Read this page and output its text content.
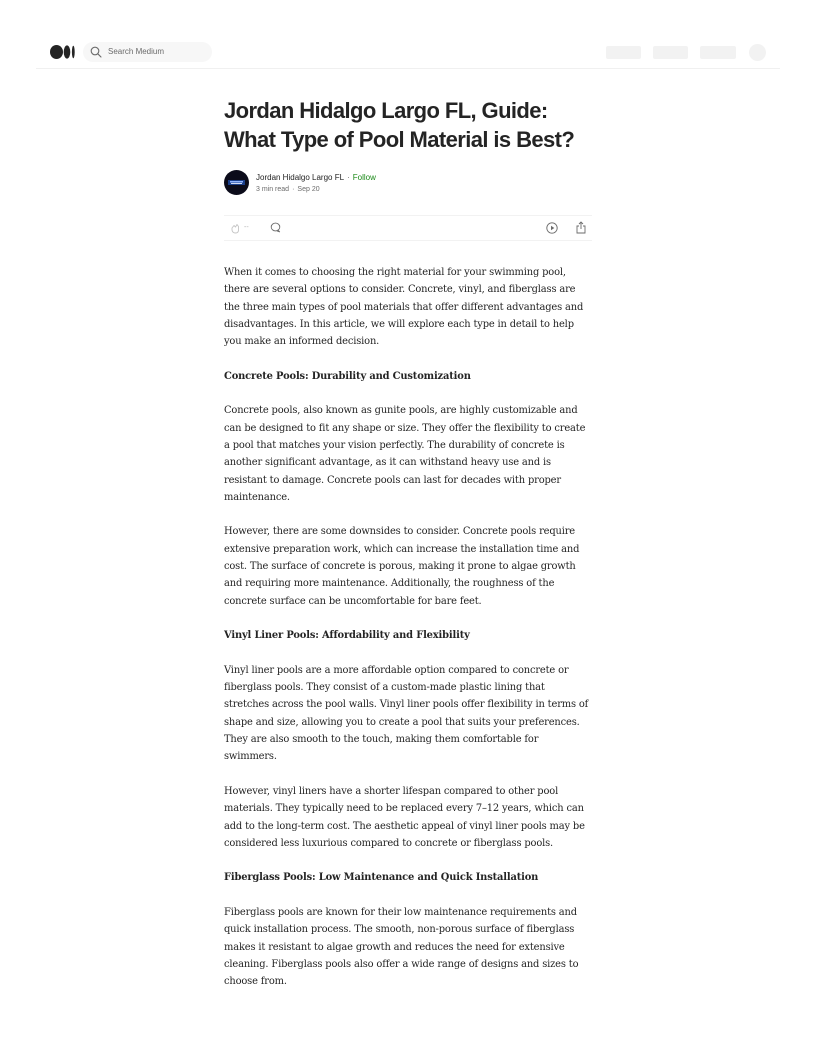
Search Medium
Jordan Hidalgo Largo FL, Guide: What Type of Pool Material is Best?
Jordan Hidalgo Largo FL · Follow
3 min read · Sep 20
--

When it comes to choosing the right material for your swimming pool, there are several options to consider. Concrete, vinyl, and fiberglass are the three main types of pool materials that offer different advantages and disadvantages. In this article, we will explore each type in detail to help you make an informed decision.

Concrete Pools: Durability and Customization

Concrete pools, also known as gunite pools, are highly customizable and can be designed to fit any shape or size. They offer the flexibility to create a pool that matches your vision perfectly. The durability of concrete is another significant advantage, as it can withstand heavy use and is resistant to damage. Concrete pools can last for decades with proper maintenance.

However, there are some downsides to consider. Concrete pools require extensive preparation work, which can increase the installation time and cost. The surface of concrete is porous, making it prone to algae growth and requiring more maintenance. Additionally, the roughness of the concrete surface can be uncomfortable for bare feet.

Vinyl Liner Pools: Affordability and Flexibility

Vinyl liner pools are a more affordable option compared to concrete or fiberglass pools. They consist of a custom-made plastic lining that stretches across the pool walls. Vinyl liner pools offer flexibility in terms of shape and size, allowing you to create a pool that suits your preferences. They are also smooth to the touch, making them comfortable for swimmers.

However, vinyl liners have a shorter lifespan compared to other pool materials. They typically need to be replaced every 7–12 years, which can add to the long-term cost. The aesthetic appeal of vinyl liner pools may be considered less luxurious compared to concrete or fiberglass pools.

Fiberglass Pools: Low Maintenance and Quick Installation

Fiberglass pools are known for their low maintenance requirements and quick installation process. The smooth, non-porous surface of fiberglass makes it resistant to algae growth and reduces the need for extensive cleaning. Fiberglass pools also offer a wide range of designs and sizes to choose from.
